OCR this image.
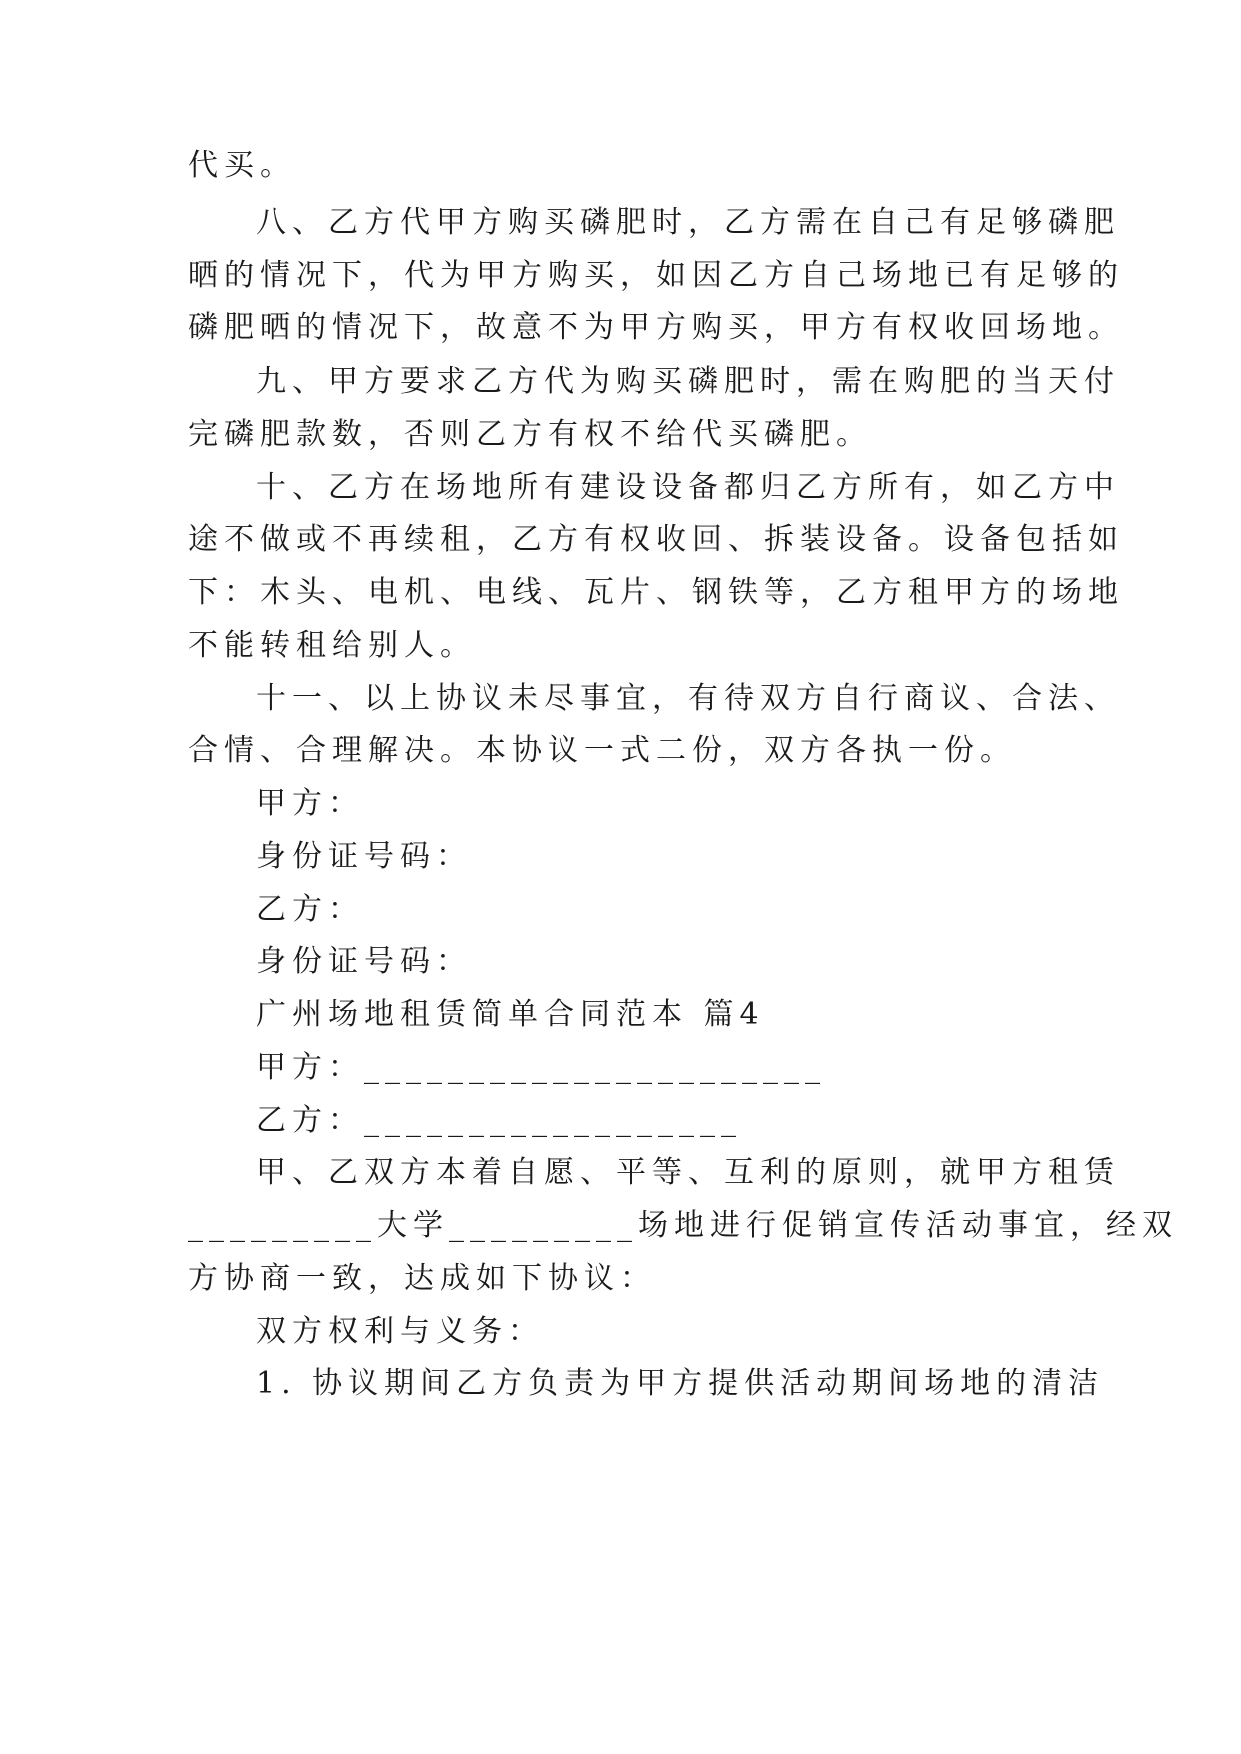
代买。
八、乙方代甲方购买磷肥时，乙方需在自己有足够磷肥
晒的情况下，代为甲方购买，如因乙方自己场地已有足够的
磷肥晒的情况下，故意不为甲方购买，甲方有权收回场地。
九、甲方要求乙方代为购买磷肥时，需在购肥的当天付
完磷肥款数，否则乙方有权不给代买磷肥。
十、乙方在场地所有建设设备都归乙方所有，如乙方中
途不做或不再续租，乙方有权收回、拆装设备。设备包括如
下：木头、电机、电线、瓦片、钢铁等，乙方租甲方的场地
不能转租给别人。
十一、以上协议未尽事宜，有待双方自行商议、合法、
合情、合理解决。本协议一式二份，双方各执一份。
甲方：
身份证号码：
乙方：
身份证号码：
广州场地租赁简单合同范本 篇4
甲方：______________________
乙方：__________________
甲、乙双方本着自愿、平等、互利的原则，就甲方租赁
_________大学_________场地进行促销宣传活动事宜，经双
方协商一致，达成如下协议：
双方权利与义务：
1. 协议期间乙方负责为甲方提供活动期间场地的清洁
